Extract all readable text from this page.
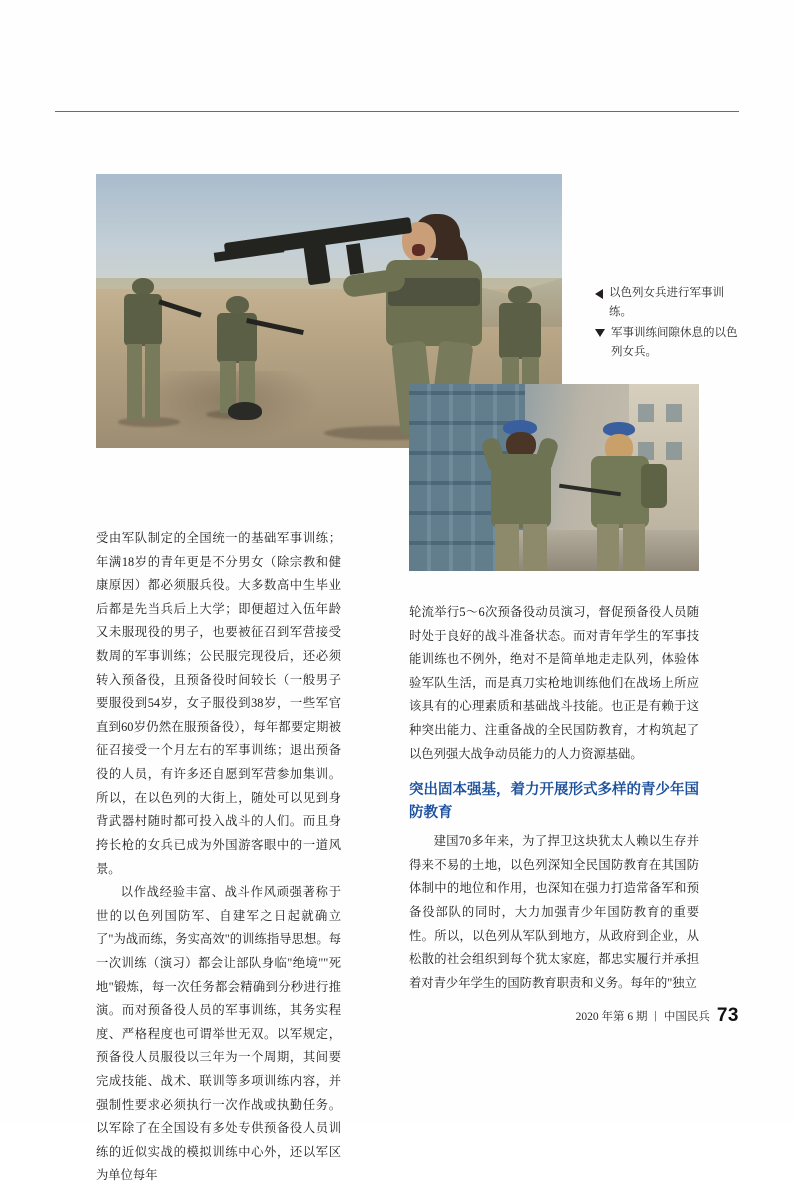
以色列女兵进行军事训练。
军事训练间隙休息的以色列女兵。

受由军队制定的全国统一的基础军事训练；年满18岁的青年更是不分男女（除宗教和健康原因）都必须服兵役。大多数高中生毕业后都是先当兵后上大学；即便超过入伍年龄又未服现役的男子，也要被征召到军营接受数周的军事训练；公民服完现役后，还必须转入预备役，且预备役时间较长（一般男子要服役到54岁，女子服役到38岁，一些军官直到60岁仍然在服预备役），每年都要定期被征召接受一个月左右的军事训练；退出预备役的人员，有许多还自愿到军营参加集训。所以，在以色列的大街上，随处可以见到身背武器村随时都可投入战斗的人们。而且身挎长枪的女兵已成为外国游客眼中的一道风景。

以作战经验丰富、战斗作风顽强著称于世的以色列国防军、自建军之日起就确立了"为战而练，务实高效"的训练指导思想。每一次训练（演习）都会让部队身临"绝境""死地"锻炼，每一次任务都会精确到分秒进行推演。而对预备役人员的军事训练，其务实程度、严格程度也可谓举世无双。以军规定，预备役人员服役以三年为一个周期，其间要完成技能、战术、联训等多项训练内容，并强制性要求必须执行一次作战或执勤任务。以军除了在全国设有多处专供预备役人员训练的近似实战的模拟训练中心外，还以军区为单位每年

轮流举行5～6次预备役动员演习，督促预备役人员随时处于良好的战斗准备状态。而对青年学生的军事技能训练也不例外，绝对不是简单地走走队列，体验体验军队生活，而是真刀实枪地训练他们在战场上所应该具有的心理素质和基础战斗技能。也正是有赖于这种突出能力、注重备战的全民国防教育，才构筑起了以色列强大战争动员能力的人力资源基础。

突出固本强基，着力开展形式多样的青少年国防教育

建国70多年来，为了捍卫这块犹太人赖以生存并得来不易的土地，以色列深知全民国防教育在其国防体制中的地位和作用，也深知在强力打造常备军和预备役部队的同时，大力加强青少年国防教育的重要性。所以，以色列从军队到地方，从政府到企业，从松散的社会组织到每个犹太家庭，都忠实履行并承担着对青少年学生的国防教育职责和义务。每年的"独立

2020 年第 6 期 | 中国民兵 73
